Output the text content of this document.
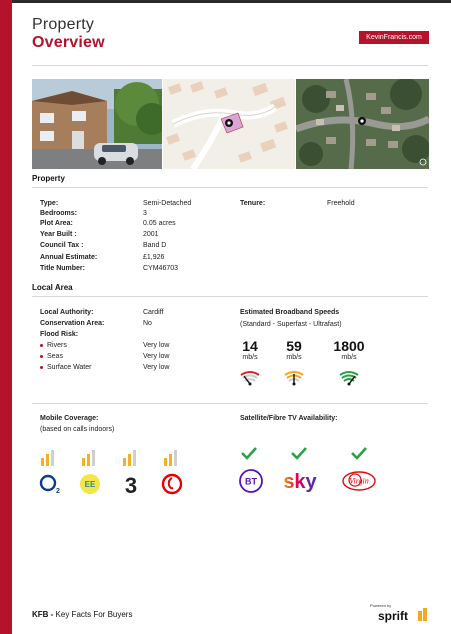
Property
Overview	KevinFrancis.com
Property
Type:	Semi-Detached
Bedrooms:	3
Plot Area:	0.05 acres
Year Built :	2001
Council Tax :	Band D
Annual Estimate:	£1,926
Title Number:	CYM46703
Tenure:	Freehold
Local Area
Local Authority:	Cardiff
Conservation Area:	No
Flood Risk:
Rivers	Very low
Seas	Very low
Surface Water	Very low
Estimated Broadband Speeds
(Standard - Superfast - Ultrafast)
14
mb/s
59
mb/s
1800
mb/s
Mobile Coverage:
(based on calls indoors)
2
EE 3
Satellite/Fibre TV Availability:
BT sky	Virgin
KFB - Key Facts For Buyers
Powered by
sprift
